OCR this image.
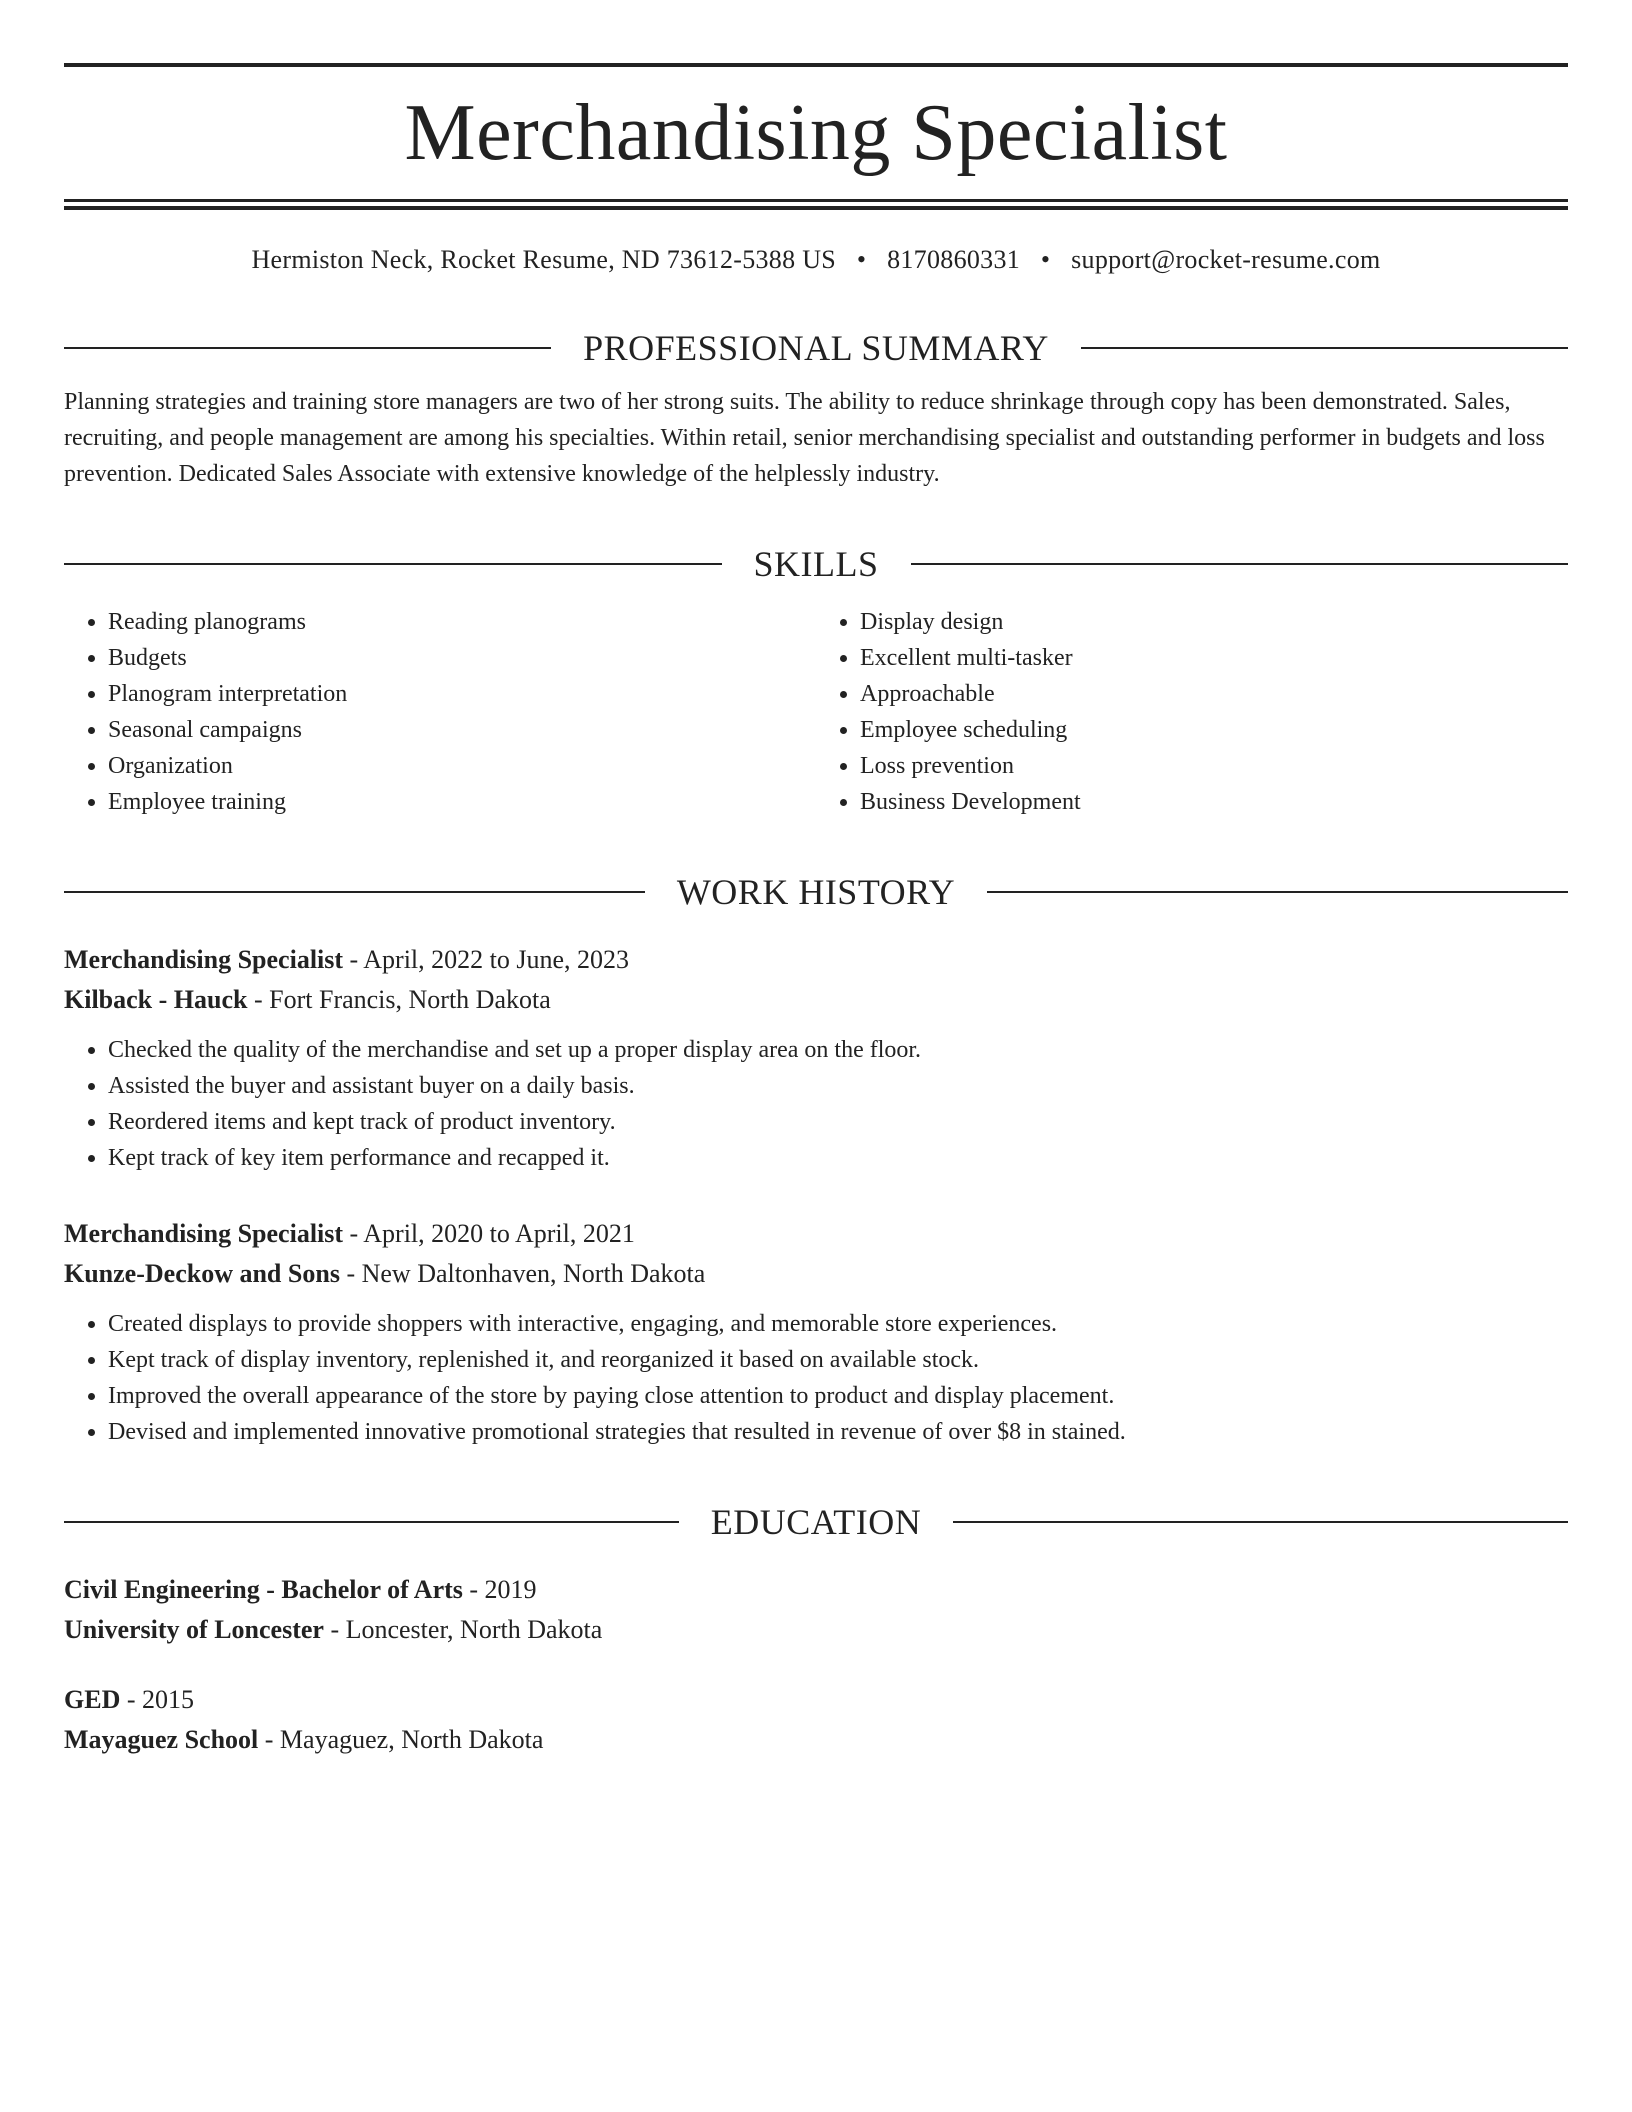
Merchandising Specialist
Hermiston Neck, Rocket Resume, ND 73612-5388 US • 8170860331 • support@rocket-resume.com
PROFESSIONAL SUMMARY
Planning strategies and training store managers are two of her strong suits. The ability to reduce shrinkage through copy has been demonstrated. Sales, recruiting, and people management are among his specialties. Within retail, senior merchandising specialist and outstanding performer in budgets and loss prevention. Dedicated Sales Associate with extensive knowledge of the helplessly industry.
SKILLS
• Reading planograms
• Budgets
• Planogram interpretation
• Seasonal campaigns
• Organization
• Employee training
• Display design
• Excellent multi-tasker
• Approachable
• Employee scheduling
• Loss prevention
• Business Development
WORK HISTORY
Merchandising Specialist - April, 2022 to June, 2023
Kilback - Hauck - Fort Francis, North Dakota
• Checked the quality of the merchandise and set up a proper display area on the floor.
• Assisted the buyer and assistant buyer on a daily basis.
• Reordered items and kept track of product inventory.
• Kept track of key item performance and recapped it.
Merchandising Specialist - April, 2020 to April, 2021
Kunze-Deckow and Sons - New Daltonhaven, North Dakota
• Created displays to provide shoppers with interactive, engaging, and memorable store experiences.
• Kept track of display inventory, replenished it, and reorganized it based on available stock.
• Improved the overall appearance of the store by paying close attention to product and display placement.
• Devised and implemented innovative promotional strategies that resulted in revenue of over $8 in stained.
EDUCATION
Civil Engineering - Bachelor of Arts - 2019
University of Loncester - Loncester, North Dakota
GED - 2015
Mayaguez School - Mayaguez, North Dakota
